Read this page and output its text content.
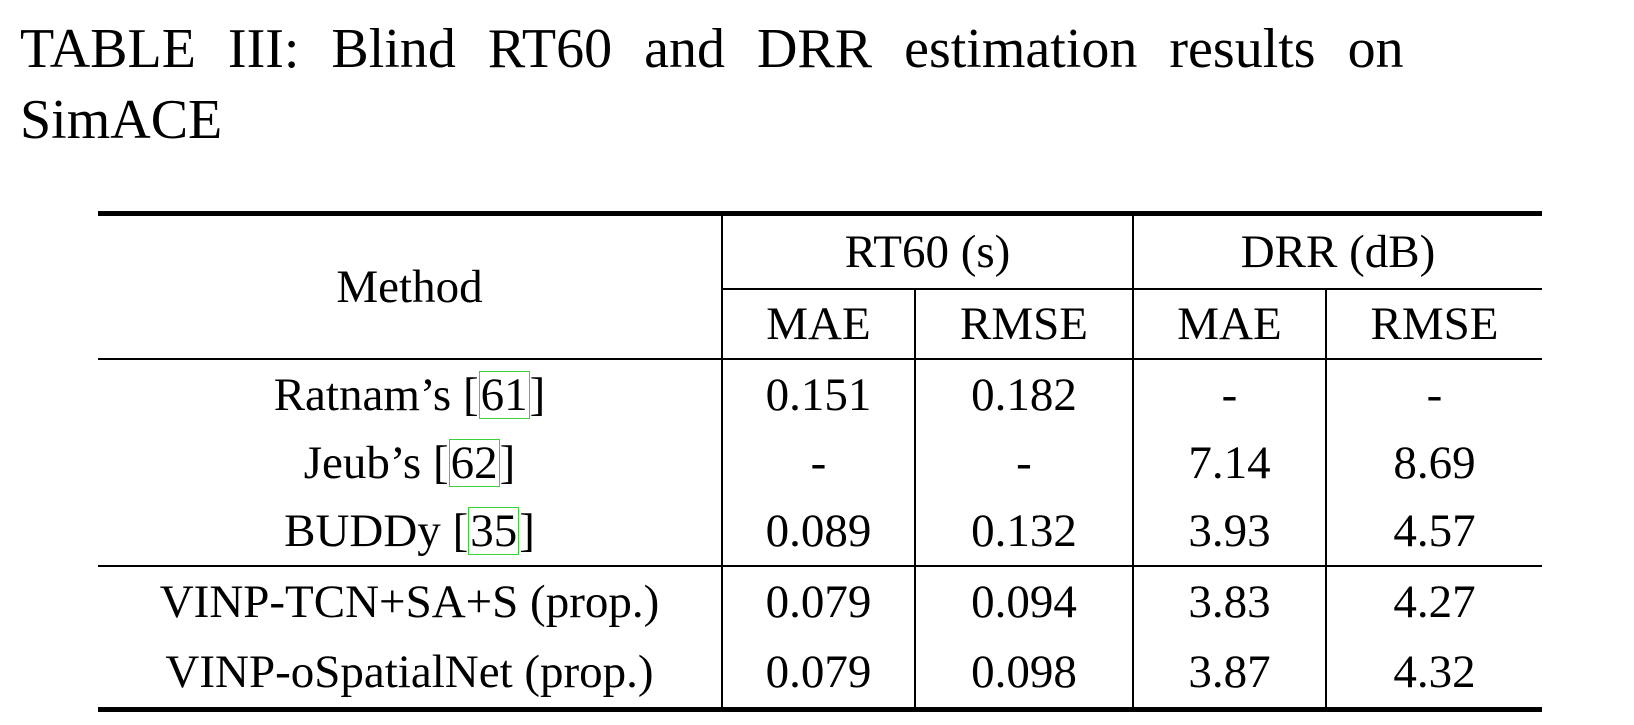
TABLE III: Blind RT60 and DRR estimation results on
SimACE

Method	RT60 (s)		DRR (dB)	
	MAE	RMSE	MAE	RMSE
Ratnam’s [61]	0.151	0.182	-	-
Jeub’s [62]	-	-	7.14	8.69
BUDDy [35]	0.089	0.132	3.93	4.57
VINP-TCN+SA+S (prop.)	0.079	0.094	3.83	4.27
VINP-oSpatialNet (prop.)	0.079	0.098	3.87	4.32
